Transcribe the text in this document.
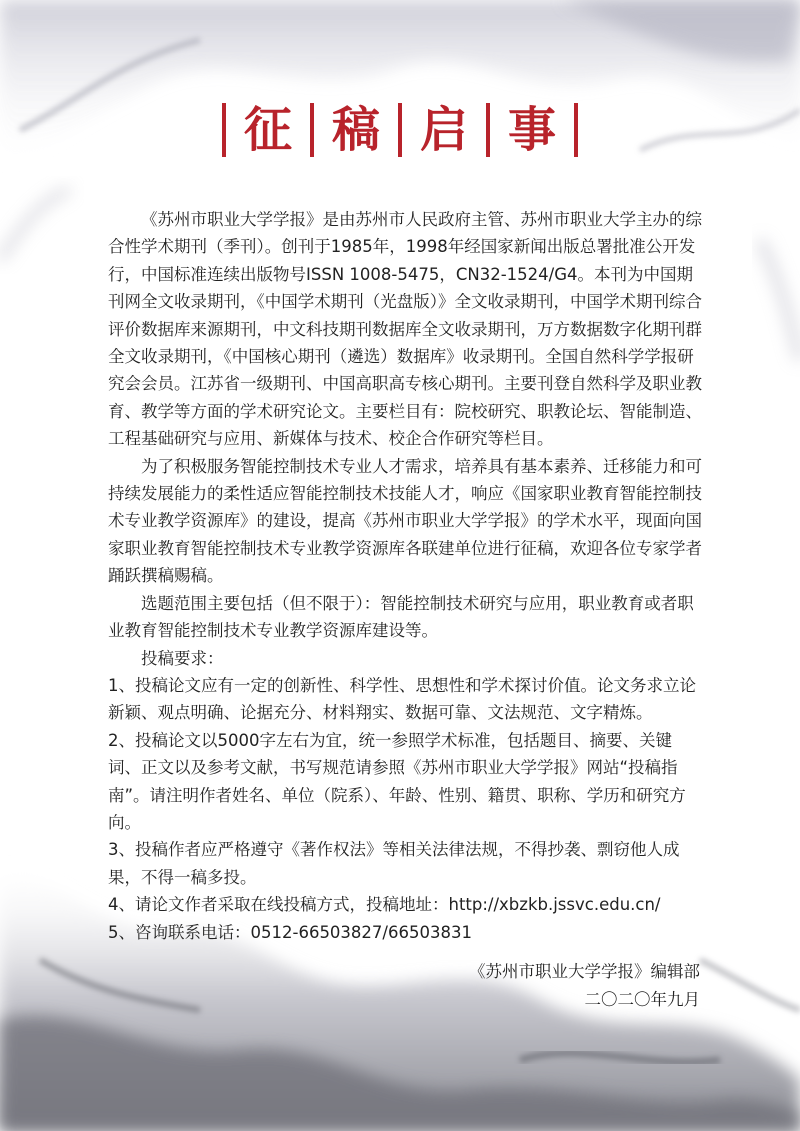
征 稿 启 事

《苏州市职业大学学报》是由苏州市人民政府主管、苏州市职业大学主办的综合性学术期刊（季刊）。创刊于1985年，1998年经国家新闻出版总署批准公开发行，中国标准连续出版物号ISSN 1008-5475，CN32-1524/G4。本刊为中国期刊网全文收录期刊，《中国学术期刊（光盘版）》全文收录期刊，中国学术期刊综合评价数据库来源期刊，中文科技期刊数据库全文收录期刊，万方数据数字化期刊群全文收录期刊，《中国核心期刊（遴选）数据库》收录期刊。全国自然科学学报研究会会员。江苏省一级期刊、中国高职高专核心期刊。主要刊登自然科学及职业教育、教学等方面的学术研究论文。主要栏目有：院校研究、职教论坛、智能制造、工程基础研究与应用、新媒体与技术、校企合作研究等栏目。

为了积极服务智能控制技术专业人才需求，培养具有基本素养、迁移能力和可持续发展能力的柔性适应智能控制技术技能人才，响应《国家职业教育智能控制技术专业教学资源库》的建设，提高《苏州市职业大学学报》的学术水平，现面向国家职业教育智能控制技术专业教学资源库各联建单位进行征稿，欢迎各位专家学者踊跃撰稿赐稿。

选题范围主要包括（但不限于）：智能控制技术研究与应用，职业教育或者职业教育智能控制技术专业教学资源库建设等。

投稿要求：

1、投稿论文应有一定的创新性、科学性、思想性和学术探讨价值。论文务求立论新颖、观点明确、论据充分、材料翔实、数据可靠、文法规范、文字精炼。

2、投稿论文以5000字左右为宜，统一参照学术标准，包括题目、摘要、关键词、正文以及参考文献，书写规范请参照《苏州市职业大学学报》网站“投稿指南”。请注明作者姓名、单位（院系）、年龄、性别、籍贯、职称、学历和研究方向。

3、投稿作者应严格遵守《著作权法》等相关法律法规，不得抄袭、剽窃他人成果，不得一稿多投。

4、请论文作者采取在线投稿方式，投稿地址：http://xbzkb.jssvc.edu.cn/

5、咨询联系电话：0512-66503827/66503831

《苏州市职业大学学报》编辑部
二〇二〇年九月
